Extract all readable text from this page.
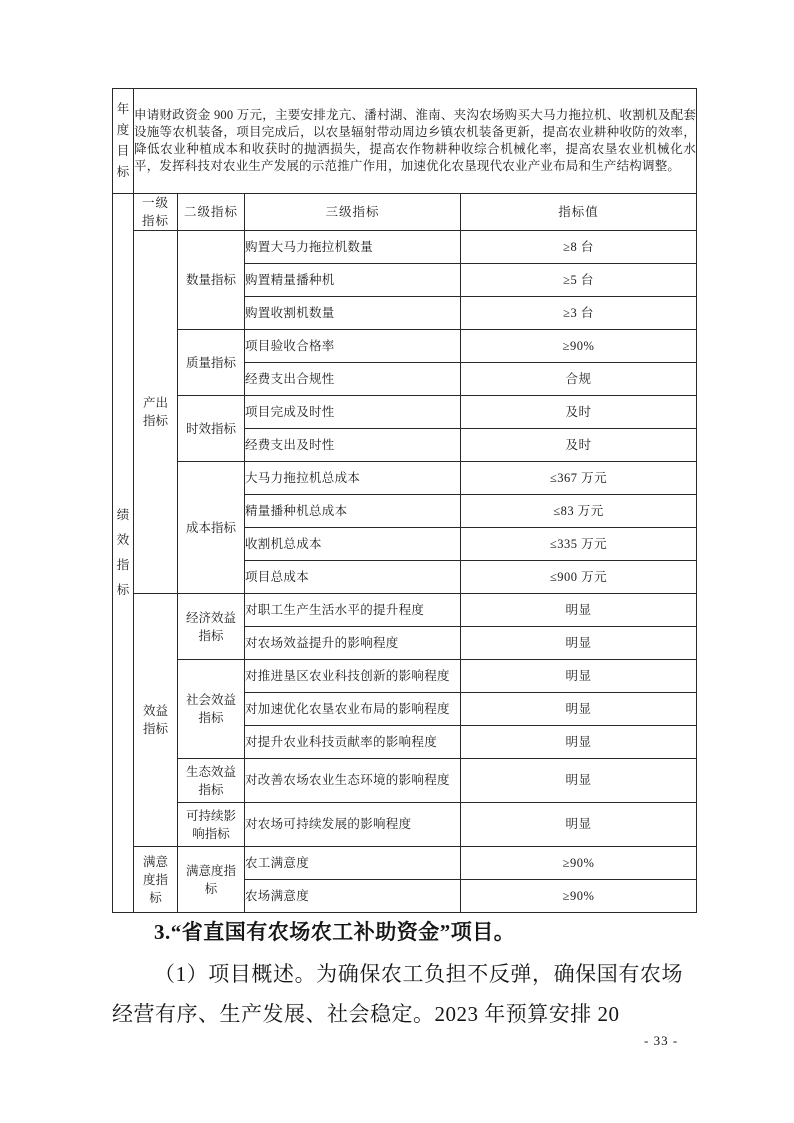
年度目标	申请财政资金 900 万元，主要安排龙亢、潘村湖、淮南、夹沟农场购买大马力拖拉机、收割机及配套设施等农机装备，项目完成后，以农垦辐射带动周边乡镇农机装备更新，提高农业耕种收防的效率，降低农业种植成本和收获时的抛洒损失，提高农作物耕种收综合机械化率，提高农垦农业机械化水平，发挥科技对农业生产发展的示范推广作用，加速优化农垦现代农业产业布局和生产结构调整。			
绩效指标	一级指标	二级指标	三级指标	指标值
	产出指标	数量指标	购置大马力拖拉机数量	≥8 台
			购置精量播种机	≥5 台
			购置收割机数量	≥3 台
		质量指标	项目验收合格率	≥90%
			经费支出合规性	合规
		时效指标	项目完成及时性	及时
			经费支出及时性	及时
		成本指标	大马力拖拉机总成本	≤367 万元
			精量播种机总成本	≤83 万元
			收割机总成本	≤335 万元
			项目总成本	≤900 万元
	效益指标	经济效益指标	对职工生产生活水平的提升程度	明显
			对农场效益提升的影响程度	明显
		社会效益指标	对推进垦区农业科技创新的影响程度	明显
			对加速优化农垦农业布局的影响程度	明显
			对提升农业科技贡献率的影响程度	明显
		生态效益指标	对改善农场农业生态环境的影响程度	明显
		可持续影响指标	对农场可持续发展的影响程度	明显
	满意度指标	满意度指标	农工满意度	≥90%
			农场满意度	≥90%

3.“省直国有农场农工补助资金”项目。

（1）项目概述。为确保农工负担不反弹，确保国有农场经营有序、生产发展、社会稳定。2023 年预算安排 20

- 33 -
